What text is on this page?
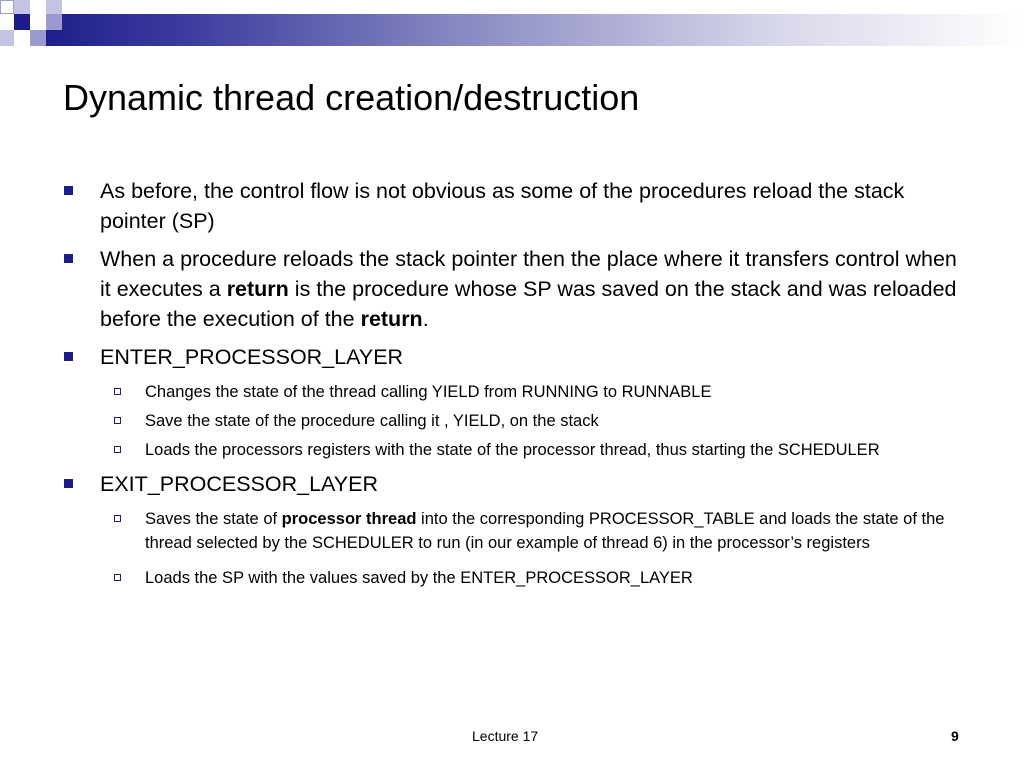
Dynamic thread creation/destruction
As before, the control flow is not obvious as some of the procedures reload the stack pointer (SP)
When a procedure reloads the stack pointer then the place where it transfers control when it executes a return is the procedure whose SP was saved on the stack and was reloaded before the execution of the return.
ENTER_PROCESSOR_LAYER
Changes the state of the thread calling YIELD from RUNNING to RUNNABLE
Save the state of the procedure calling it , YIELD, on the stack
Loads the processors registers with the state of the processor thread, thus starting the SCHEDULER
EXIT_PROCESSOR_LAYER
Saves the state of processor thread into the corresponding PROCESSOR_TABLE and loads the state of the thread selected by the SCHEDULER to run (in our example of thread 6) in the processor’s registers
Loads the SP with the values saved by the ENTER_PROCESSOR_LAYER
Lecture 17	9
